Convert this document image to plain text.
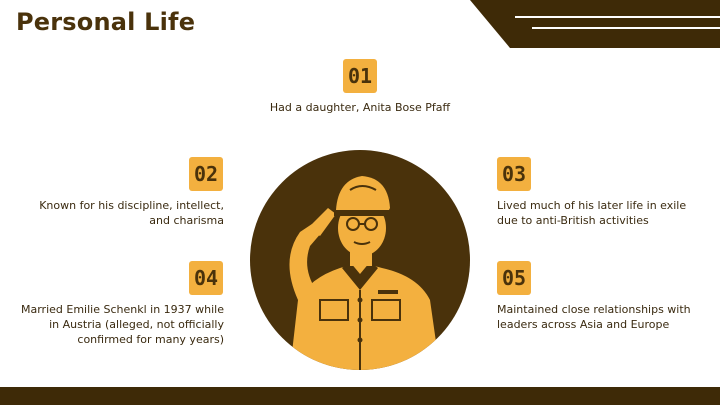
Personal Life
01
Had a daughter, Anita Bose Pfaff
02
Known for his discipline, intellect, and charisma
03
Lived much of his later life in exile due to anti-British activities
04
Married Emilie Schenkl in 1937 while in Austria (alleged, not officially confirmed for many years)
05
Maintained close relationships with leaders across Asia and Europe
